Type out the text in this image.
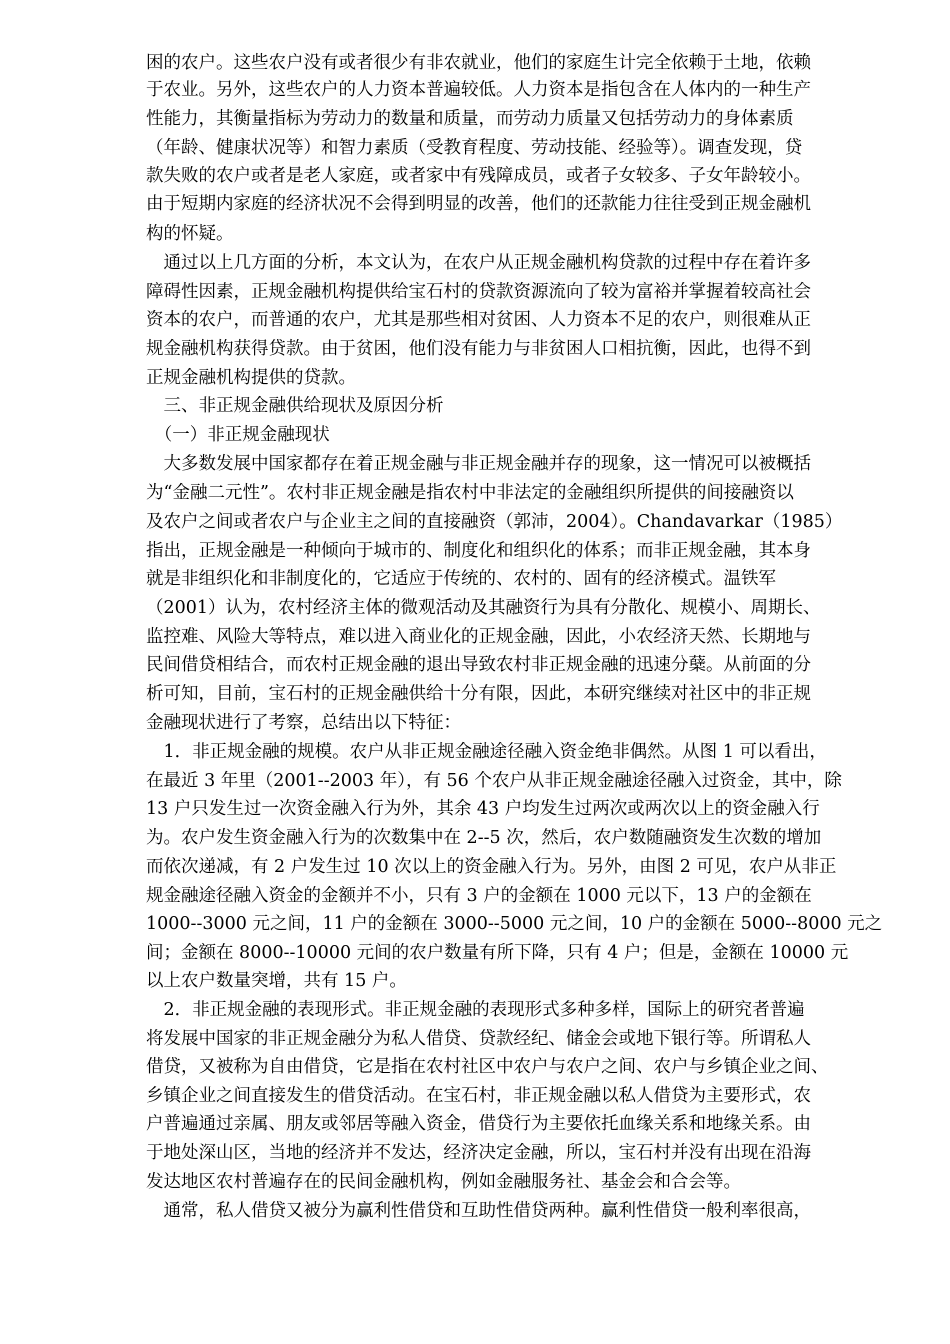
困的农户。这些农户没有或者很少有非农就业，他们的家庭生计完全依赖于土地，依赖
于农业。另外，这些农户的人力资本普遍较低。人力资本是指包含在人体内的一种生产
性能力，其衡量指标为劳动力的数量和质量，而劳动力质量又包括劳动力的身体素质
（年龄、健康状况等）和智力素质（受教育程度、劳动技能、经验等）。调查发现，贷
款失败的农户或者是老人家庭，或者家中有残障成员，或者子女较多、子女年龄较小。
由于短期内家庭的经济状况不会得到明显的改善，他们的还款能力往往受到正规金融机
构的怀疑。
　通过以上几方面的分析，本文认为，在农户从正规金融机构贷款的过程中存在着许多
障碍性因素，正规金融机构提供给宝石村的贷款资源流向了较为富裕并掌握着较高社会
资本的农户，而普通的农户，尤其是那些相对贫困、人力资本不足的农户，则很难从正
规金融机构获得贷款。由于贫困，他们没有能力与非贫困人口相抗衡，因此，也得不到
正规金融机构提供的贷款。
　三、非正规金融供给现状及原因分析
　（一）非正规金融现状
　大多数发展中国家都存在着正规金融与非正规金融并存的现象，这一情况可以被概括
为“金融二元性”。农村非正规金融是指农村中非法定的金融组织所提供的间接融资以
及农户之间或者农户与企业主之间的直接融资（郭沛，2004）。Chandavarkar（1985）
指出，正规金融是一种倾向于城市的、制度化和组织化的体系；而非正规金融，其本身
就是非组织化和非制度化的，它适应于传统的、农村的、固有的经济模式。温铁军
（2001）认为，农村经济主体的微观活动及其融资行为具有分散化、规模小、周期长、
监控难、风险大等特点，难以进入商业化的正规金融，因此，小农经济天然、长期地与
民间借贷相结合，而农村正规金融的退出导致农村非正规金融的迅速分蘖。从前面的分
析可知，目前，宝石村的正规金融供给十分有限，因此，本研究继续对社区中的非正规
金融现状进行了考察，总结出以下特征：
　1．非正规金融的规模。农户从非正规金融途径融入资金绝非偶然。从图 1 可以看出，
在最近 3 年里（2001--2003 年），有 56 个农户从非正规金融途径融入过资金，其中，除
13 户只发生过一次资金融入行为外，其余 43 户均发生过两次或两次以上的资金融入行
为。农户发生资金融入行为的次数集中在 2--5 次，然后，农户数随融资发生次数的增加
而依次递减，有 2 户发生过 10 次以上的资金融入行为。另外，由图 2 可见，农户从非正
规金融途径融入资金的金额并不小，只有 3 户的金额在 1000 元以下，13 户的金额在
1000--3000 元之间，11 户的金额在 3000--5000 元之间，10 户的金额在 5000--8000 元之
间；金额在 8000--10000 元间的农户数量有所下降，只有 4 户；但是，金额在 10000 元
以上农户数量突增，共有 15 户。
　2．非正规金融的表现形式。非正规金融的表现形式多种多样，国际上的研究者普遍
将发展中国家的非正规金融分为私人借贷、贷款经纪、储金会或地下银行等。所谓私人
借贷，又被称为自由借贷，它是指在农村社区中农户与农户之间、农户与乡镇企业之间、
乡镇企业之间直接发生的借贷活动。在宝石村，非正规金融以私人借贷为主要形式，农
户普遍通过亲属、朋友或邻居等融入资金，借贷行为主要依托血缘关系和地缘关系。由
于地处深山区，当地的经济并不发达，经济决定金融，所以，宝石村并没有出现在沿海
发达地区农村普遍存在的民间金融机构，例如金融服务社、基金会和合会等。
　通常，私人借贷又被分为赢利性借贷和互助性借贷两种。赢利性借贷一般利率很高，
